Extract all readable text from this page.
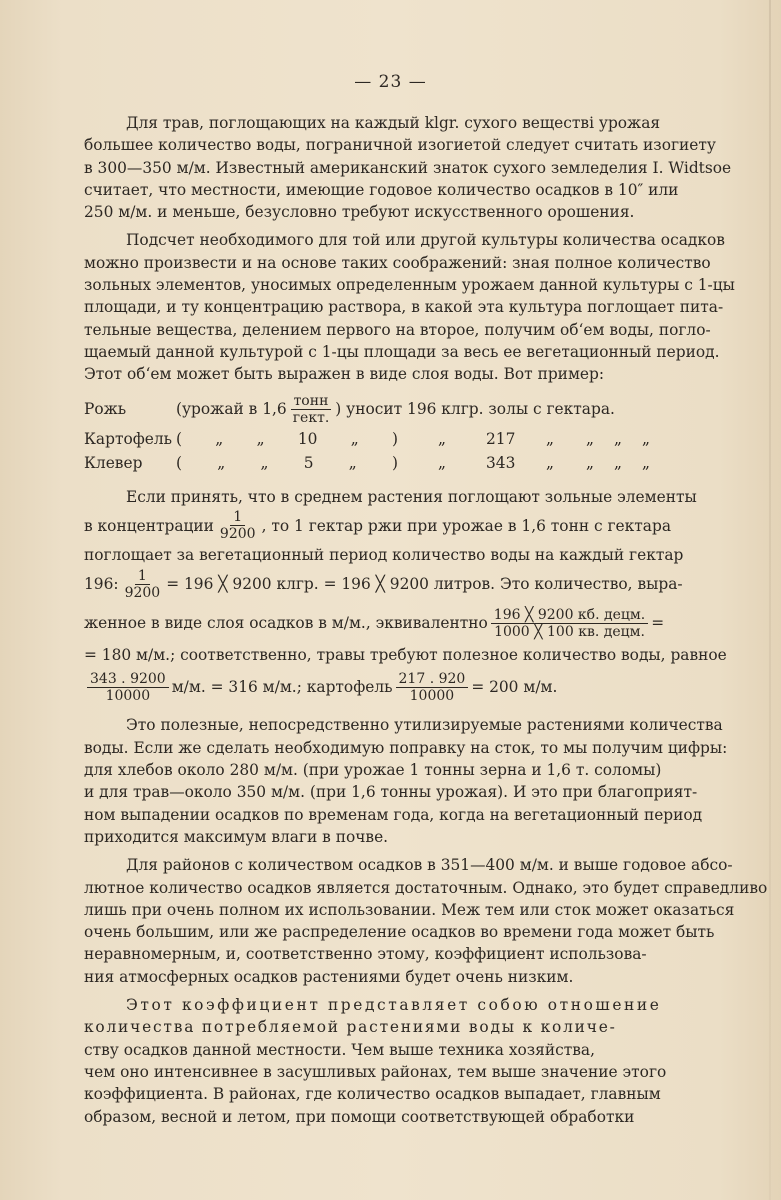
— 23 —
Для трав, поглощающих на каждый klgr. сухого веществі урожая
большее количество воды, пограничной изогиетой следует считать изогиету
в 300—350 м/м. Известный американский знаток сухого земледелия I. Widtsoe
считает, что местности, имеющие годовое количество осадков в 10″ или
250 м/м. и меньше, безусловно требуют искусственного орошения.
Подсчет необходимого для той или другой культуры количества осадков
можно произвести и на основе таких соображений: зная полное количество
зольных элементов, уносимых определенным урожаем данной культуры с 1-цы
площади, и ту концентрацию раствора, в какой эта культура поглощает пита-
тельные вещества, делением первого на второе, получим об‘ем воды, погло-
щаемый данной культурой с 1-цы площади за весь ее вегетационный период.
Этот об‘ем может быть выражен в виде слоя воды. Вот пример:
Рожь	(урожай в $1,6 \frac{\text{тонн}}{\text{гект.}}$ ) уносит 196 клгр. золы с гектара.
Картофель ( „ „ 10 „ )	„	217	„	„	„	„
Клевер	( „ „ 5 „ )	„	343	„	„	„	„
Если принять, что в среднем растения поглощают зольные элементы
в концентрации $\frac{1}{9200}$ , то 1 гектар ржи при урожае в 1,6 тонн с гектара
поглощает за вегетационный период количество воды на каждый гектар
196: $\frac{1}{9200} = 196$ ╳ 9200 клгр. = 196 ╳ 9200 литров. Это количество, выра-
женное в виде слоя осадков в м/м., эквивалентно $\frac{\text{196 ╳ 9200 кб. децм.}}{\text{1000 ╳ 100 кв. децм.}}$ =
= 180 м/м.; соответственно, травы требуют полезное количество воды, равное
$\frac{343 . 9200}{10000} м/м$. = 316 м/м.; картофель $\frac{217 . 920}{10000} = 200$ м/м.
Это полезные, непосредственно утилизируемые растениями количества
воды. Если же сделать необходимую поправку на сток, то мы получим цифры:
для хлебов около 280 м/м. (при урожае 1 тонны зерна и 1,6 т. соломы)
и для трав—около 350 м/м. (при 1,6 тонны урожая). И это при благоприят-
ном выпадении осадков по временам года, когда на вегетационный период
приходится максимум влаги в почве.
Для районов с количеством осадков в 351—400 м/м. и выше годовое абсо-
лютное количество осадков является достаточным. Однако, это будет справедливо
лишь при очень полном их использовании. Меж тем или сток может оказаться
очень большим, или же распределение осадков во времени года может быть
неравномерным, и, соответственно этому, коэффициент использова-
ния атмосферных осадков растениями будет очень низким.
Этот коэффициент представляет собою отношение
количества потребляемой растениями воды к количе-
ству осадков данной местности. Чем выше техника хозяйства,
чем оно интенсивнее в засушливых районах, тем выше значение этого
коэффициента. В районах, где количество осадков выпадает, главным
образом, весной и летом, при помощи соответствующей обработки
